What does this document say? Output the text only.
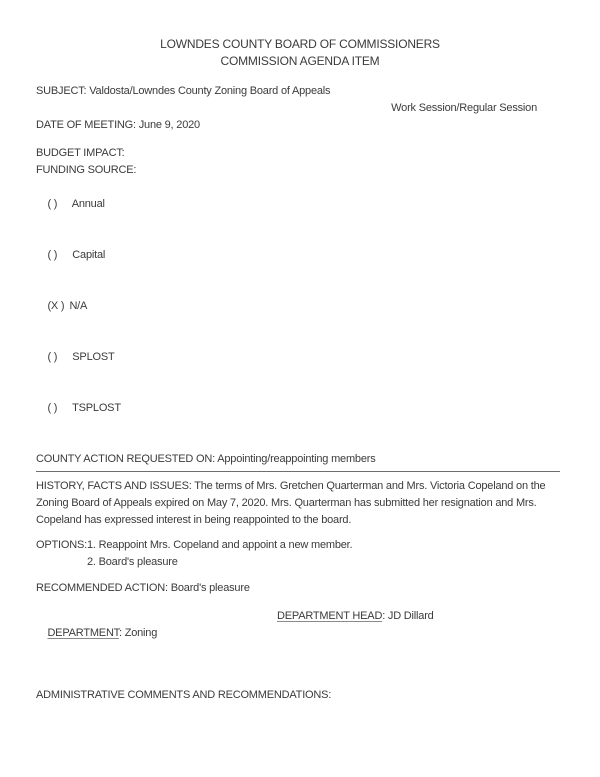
LOWNDES COUNTY BOARD OF COMMISSIONERS
COMMISSION AGENDA ITEM
SUBJECT: Valdosta/Lowndes County Zoning Board of Appeals
Work Session/Regular Session
DATE OF MEETING: June 9, 2020
BUDGET IMPACT:
FUNDING SOURCE:

( ) Annual

( ) Capital

(X ) N/A

( ) SPLOST

( ) TSPLOST

COUNTY ACTION REQUESTED ON: Appointing/reappointing members
HISTORY, FACTS AND ISSUES: The terms of Mrs. Gretchen Quarterman and Mrs. Victoria Copeland on the Zoning Board of Appeals expired on May 7, 2020. Mrs. Quarterman has submitted her resignation and Mrs. Copeland has expressed interest in being reappointed to the board.
OPTIONS: 1. Reappoint Mrs. Copeland and appoint a new member.
2. Board's pleasure
RECOMMENDED ACTION: Board's pleasure

DEPARTMENT: Zoning

DEPARTMENT HEAD: JD Dillard

ADMINISTRATIVE COMMENTS AND RECOMMENDATIONS:
